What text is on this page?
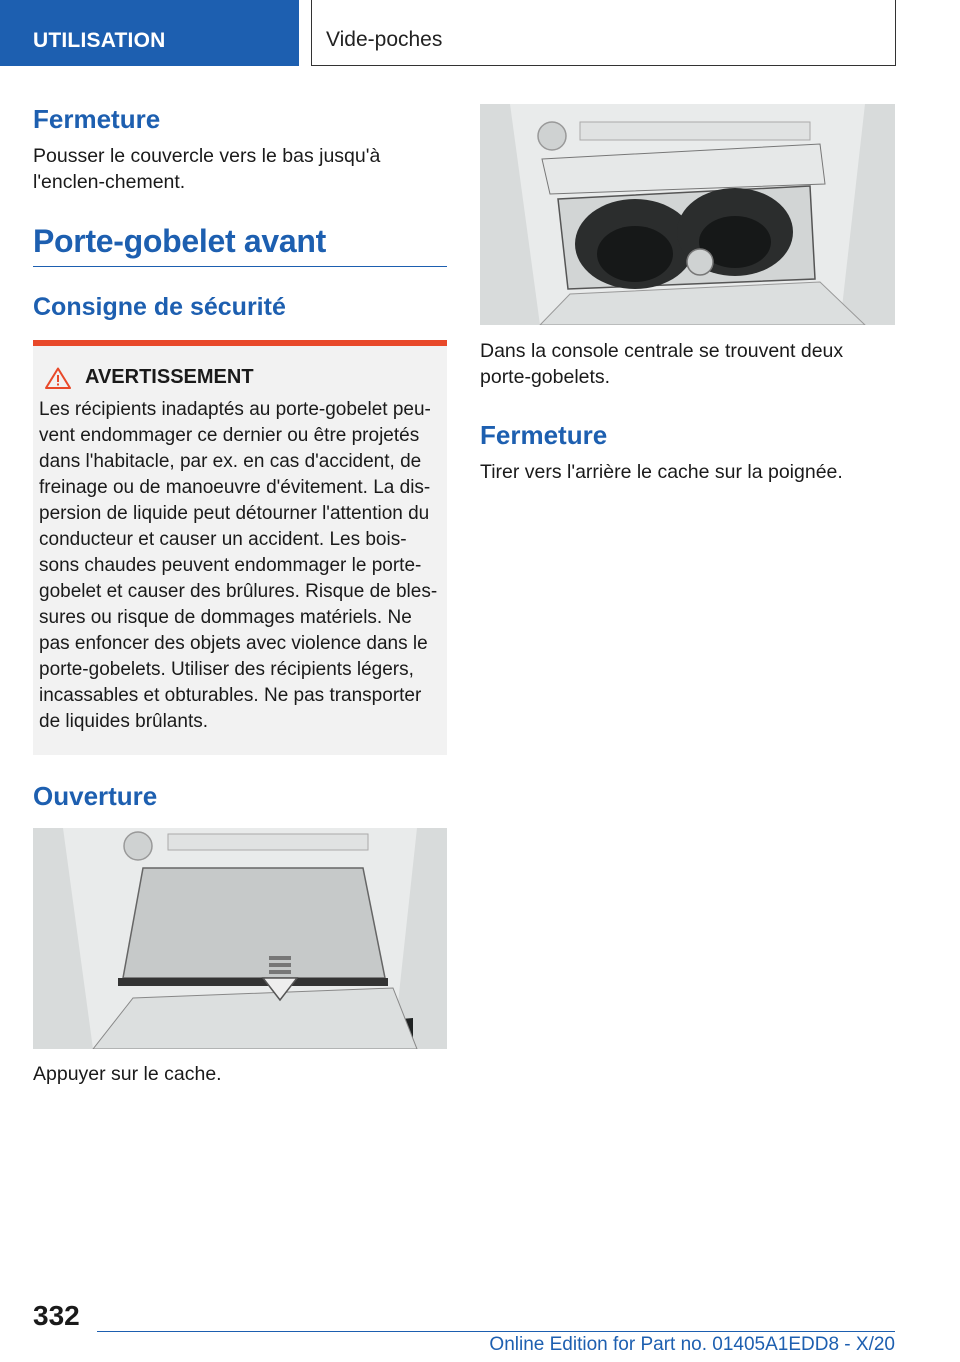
UTILISATION	Vide-poches
Fermeture

Pousser le couvercle vers le bas jusqu'à l'enclen-chement.

Porte-gobelet avant
Consigne de sécurité
AVERTISSEMENT

Les récipients inadaptés au porte-gobelet peu-vent endommager ce dernier ou être projetés dans l'habitacle, par ex. en cas d'accident, de freinage ou de manoeuvre d'évitement. La dis-persion de liquide peut détourner l'attention du conducteur et causer un accident. Les bois-sons chaudes peuvent endommager le porte-gobelet et causer des brûlures. Risque de bles-sures ou risque de dommages matériels. Ne pas enfoncer des objets avec violence dans le porte-gobelets. Utiliser des récipients légers, incassables et obturables. Ne pas transporter de liquides brûlants.

Ouverture

Appuyer sur le cache.

Dans la console centrale se trouvent deux porte-gobelets.

Fermeture

Tirer vers l'arrière le cache sur la poignée.

332
Online Edition for Part no. 01405A1EDD8 - X/20
